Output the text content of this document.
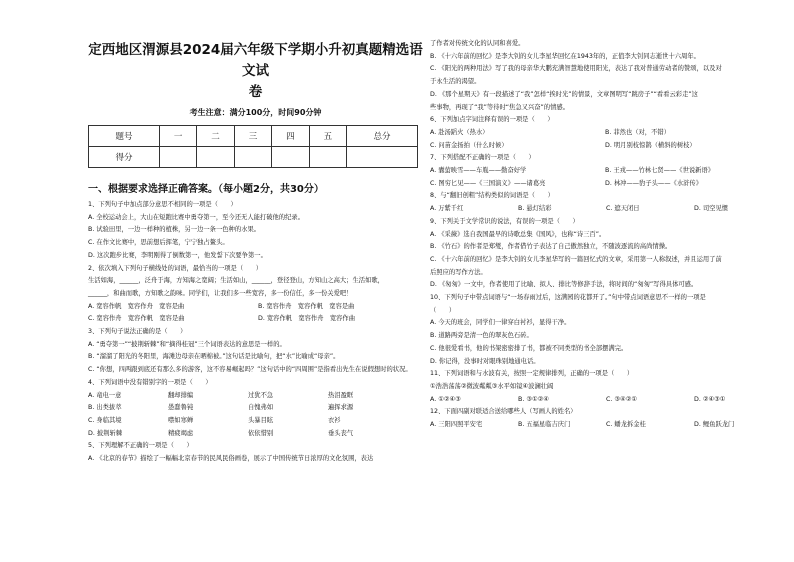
定西地区渭源县2024届六年级下学期小升初真题精选语文试
卷
考生注意：满分100分，时间90分钟
题号	一	二	三	四	五	总分
得分						
一、根据要求选择正确答案。（每小题2分，共30分）
1、下列句子中加点部分意思不相同的一项是（　　）
A. 全校运动会上，大山在短跑比赛中勇夺第一，至今还无人能打破他的纪录。
B. 试验田里，一边一样种的植株，另一边一条一色种的水果。
C. 在作文比赛中，思前想后挥笔，宁宁独占鳌头。
D. 这次跑步比赛，李明刚得了倒数第一，他发誓下次要争第一。
2、依次填入下列句子横线处的词语，最恰当的一项是（　　）
生活如海，______，泛舟于海，方知海之宽阔；生活如山，______，登径登山，方知山之高大；生活如歌，
______，和曲而歌，方知歌之韵味。同学们，让我们多一些宽容，多一份信任，多一份关爱吧！
A. 宽容作帆　宽容作舟　宽容是曲	B. 宽容作舟　宽容作帆　宽容是曲
C. 宽容作舟　宽容作帆　宽容是曲	D. 宽容作帆　宽容作舟　宽容作曲
3、下列句子说法正确的是（　　）
A. “勇夺第一”“披荆斩棘”和“摘得桂冠”三个词语表达的意思是一样的。
B. “溜溜了阳光的冬阳里，海滩边母亲在晒棉被。”这句话是比喻句，把“水”比喻成“母亲”。
C. “你想，四两跟到底还有那么多的游客，这不容易崛起吗？”这句话中的“四周围”是指看出先生在说假想时的状况。
4、下列词语中没有错别字的一项是（　　）
A. 竜电一意	翻却排编	过犹不急	热泪盈眶
B. 出类拔萃	愚蠢鲁钝	自愧弗如	遍挥求源
C. 身临其境	噤如寒蝉	头暴目眩	衣衫
D. 披荆斩棘	精疲竭虑	依依惜别	垂头丧气
5、下列理解不正确的一项是（　　）
A. 《北京的春节》描绘了一幅幅北京春节的民风民俗画卷，展示了中国传统节日浓厚的文化氛围，表达
了作者对传统文化的认同和喜爱。
B. 《十六年前的回忆》是李大钊的女儿李星华回忆在1943年的，正值李大钊同志逝世十六周年。
C. 《阳光的两种用法》写了我的母亲华大鹏充满智慧地使用阳光，表达了我对普通劳动者的赞颂，以及对
于永生活的渴望。
D. 《那个星期天》有一段描述了“我”怎样“挨时光”的情景，文章图明写“跳房子”“看看云彩走”这
些事物，再现了“我”等待时“焦急又兴奋”的情感。
6、下列加点字词注释有误的一项是（　　）
A. 赴汤蹈火（热水）	B. 菲然也（对，不错）
C. 问苗金扬拍（什么时候）	D. 明月别枝惊鹊（横斜的树枝）
7、下列搭配不正确的一项是（　　）
A. 囊萤映雪——车胤——勤奋好学	B. 王戎——竹林七贤——《世说新语》
C. 图穷匕见——《三国演义》——诸葛亮	D. 林冲——豹子头——《水浒传》
8、与“翻旧创粗”结构类似的词语是（　　）
A. 万紫千红	B. 悬灯结彩	C. 遮天闭日	D. 司空见惯
9、下列关于文学常识的说法，有误的一项是（　　）
A. 《采薇》选自我国最早的诗歌总集《国风》，也称“诗三百”。
B. 《竹石》的作者是郑燮，作者借竹子表达了自己傲然独立，不随波逐流的高尚情操。
C. 《十六年前的回忆》是李大钊的女儿李星华写的一篇回忆式的文章，采用第一人称叙述，并且运用了前
后照应的写作方法。
D. 《匆匆》一文中，作者使用了比喻、拟人、排比等修辞手法，将时间的“匆匆”写得具体可感。
10、下列句子中带点词语与“一场春雨过后，这满园的花都开了。”句中带点词语意思不一样的一项是
（　　）
A. 今天的班会，同学们一律穿白衬衫，显得干净。
B. 道路两旁是清一色的翠灰色石砖。
C. 他很爱看书，他的书架密密排了书，都被不同类型的书全部摆满完。
D. 你记得，没事时对眼珠别地通电话。
11、下列词语和与水波有关，按照一定规律排列，正确的一项是（　　）
①浩浩荡荡②微波粼粼③水平如镜④波澜壮阔
A. ①②④③	B. ③①②④	C. ③④②①	D. ②④③①
12、下面四副对联适合送给哪些人（写画人的姓名）
A. 三阳四照平安宅	B. 五福星临吉庆门	C. 蟠龙拆金桂	D. 鲤鱼跃龙门
